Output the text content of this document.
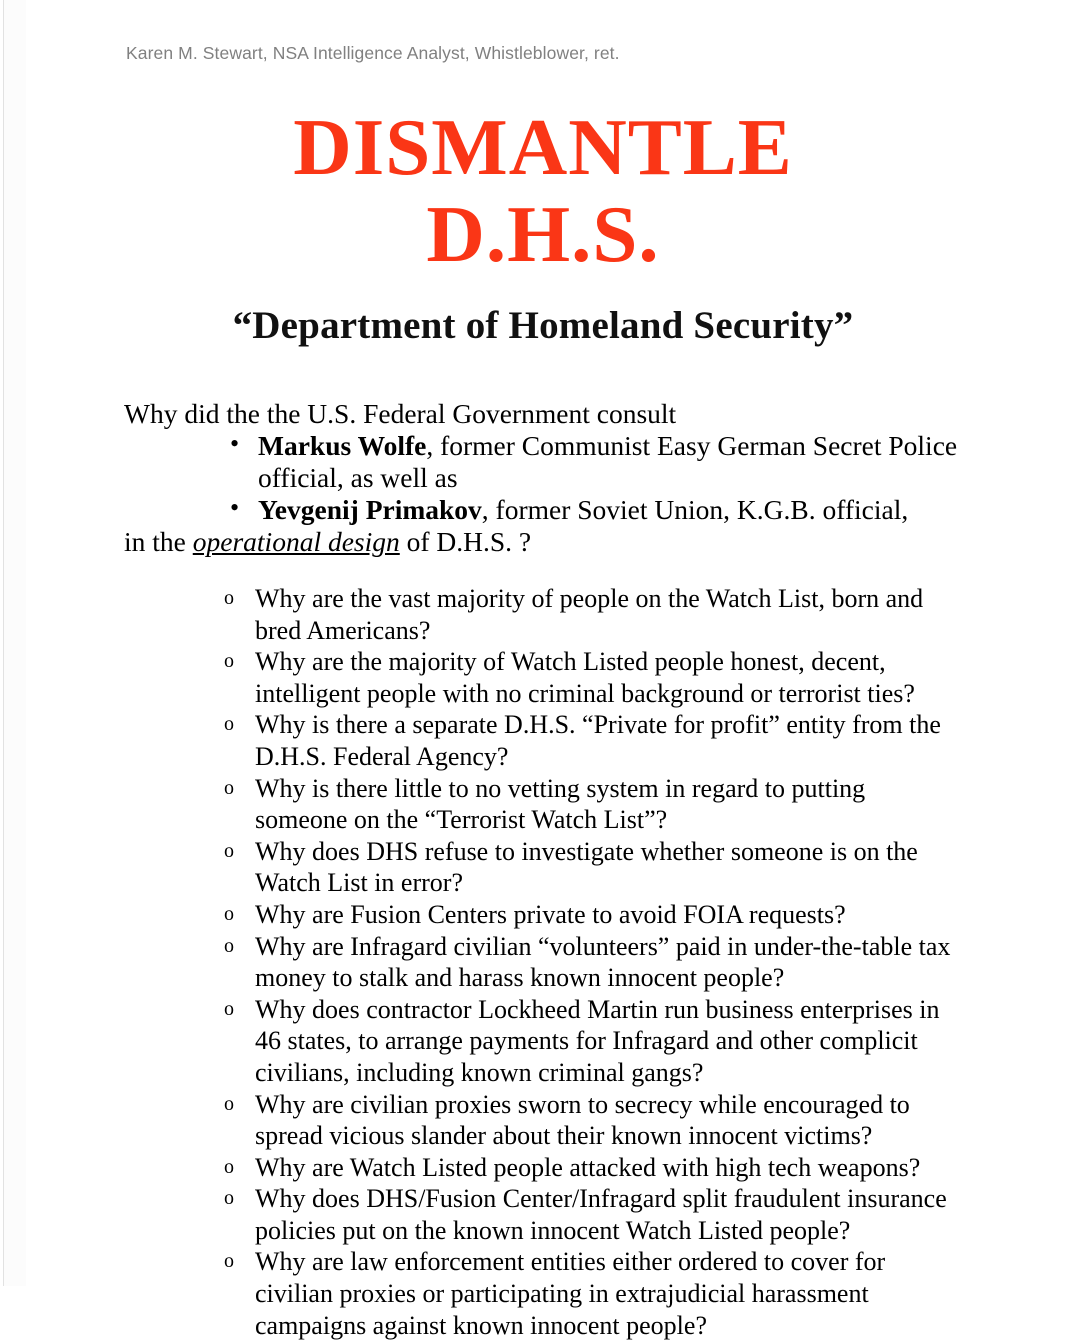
Karen M. Stewart, NSA Intelligence Analyst, Whistleblower, ret.
DISMANTLE
D.H.S.
“Department of Homeland Security”
Why did the the U.S. Federal Government consult
• Markus Wolfe, former Communist Easy German Secret Police official, as well as
• Yevgenij Primakov, former Soviet Union, K.G.B. official,
in the operational design of D.H.S. ?
o Why are the vast majority of people on the Watch List, born and bred Americans?
o Why are the majority of Watch Listed people honest, decent, intelligent people with no criminal background or terrorist ties?
o Why is there a separate D.H.S. “Private for profit” entity from the D.H.S. Federal Agency?
o Why is there little to no vetting system in regard to putting someone on the “Terrorist Watch List”?
o Why does DHS refuse to investigate whether someone is on the Watch List in error?
o Why are Fusion Centers private to avoid FOIA requests?
o Why are Infragard civilian “volunteers” paid in under-the-table tax money to stalk and harass known innocent people?
o Why does contractor Lockheed Martin run business enterprises in 46 states, to arrange payments for Infragard and other complicit civilians, including known criminal gangs?
o Why are civilian proxies sworn to secrecy while encouraged to spread vicious slander about their known innocent victims?
o Why are Watch Listed people attacked with high tech weapons?
o Why does DHS/Fusion Center/Infragard split fraudulent insurance policies put on the known innocent Watch Listed people?
o Why are law enforcement entities either ordered to cover for civilian proxies or participating in extrajudicial harassment campaigns against known innocent people?
